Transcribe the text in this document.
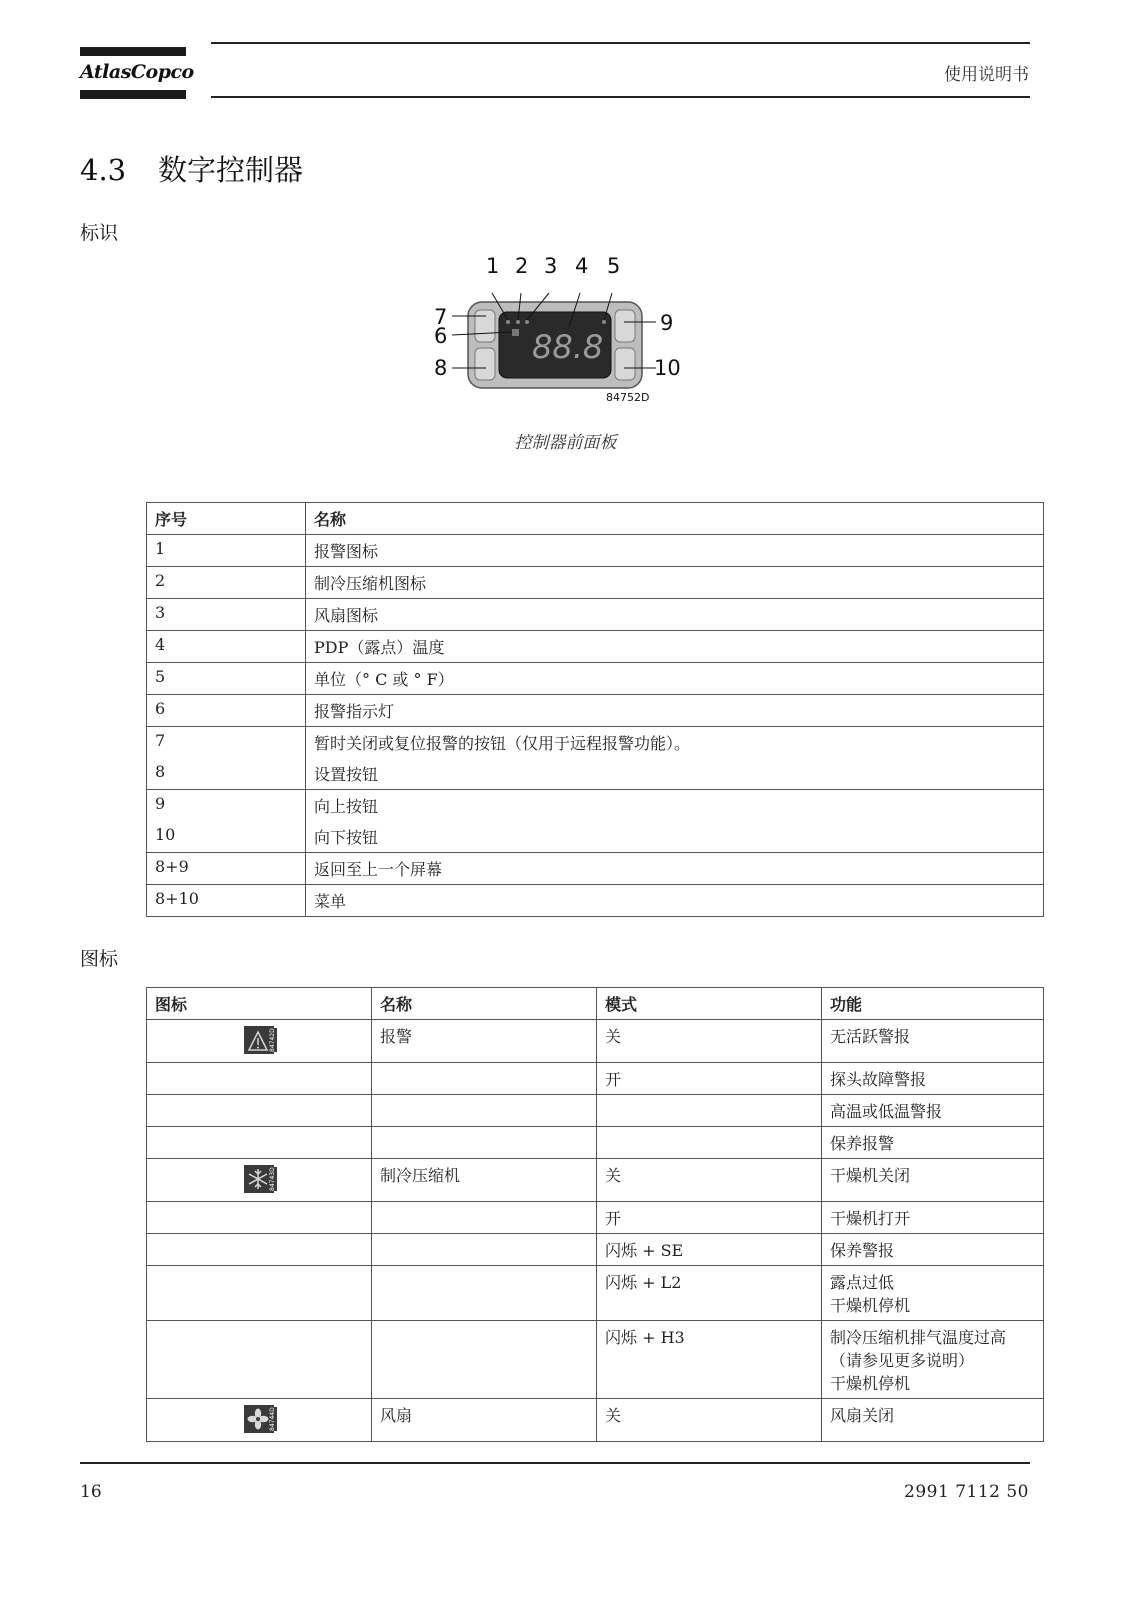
AtlasCopco	使用说明书
4.3 数字控制器
标识
88.8
1 2 3 4 5
6
7
8
9
10
84752D
控制器前面板
序号	名称
1	报警图标
2	制冷压缩机图标
3	风扇图标
4	PDP（露点）温度
5	单位（° C 或 ° F）
6	报警指示灯
7	暂时关闭或复位报警的按钮（仅用于远程报警功能）。
8	设置按钮
9	向上按钮
10	向下按钮
8+9	返回至上一个屏幕
8+10	菜单
图标
图标	名称	模式	功能

84742D	报警	关	无活跃警报
		开	探头故障警报
			高温或低温警报
			保养报警

84743D	制冷压缩机	关	干燥机关闭
		开	干燥机打开
		闪烁 + SE	保养警报
		闪烁 + L2	露点过低
干燥机停机

		闪烁 + H3	制冷压缩机排气温度过高
（请参见更多说明）
干燥机停机

84744D	风扇	关	风扇关闭
16	2991 7112 50
